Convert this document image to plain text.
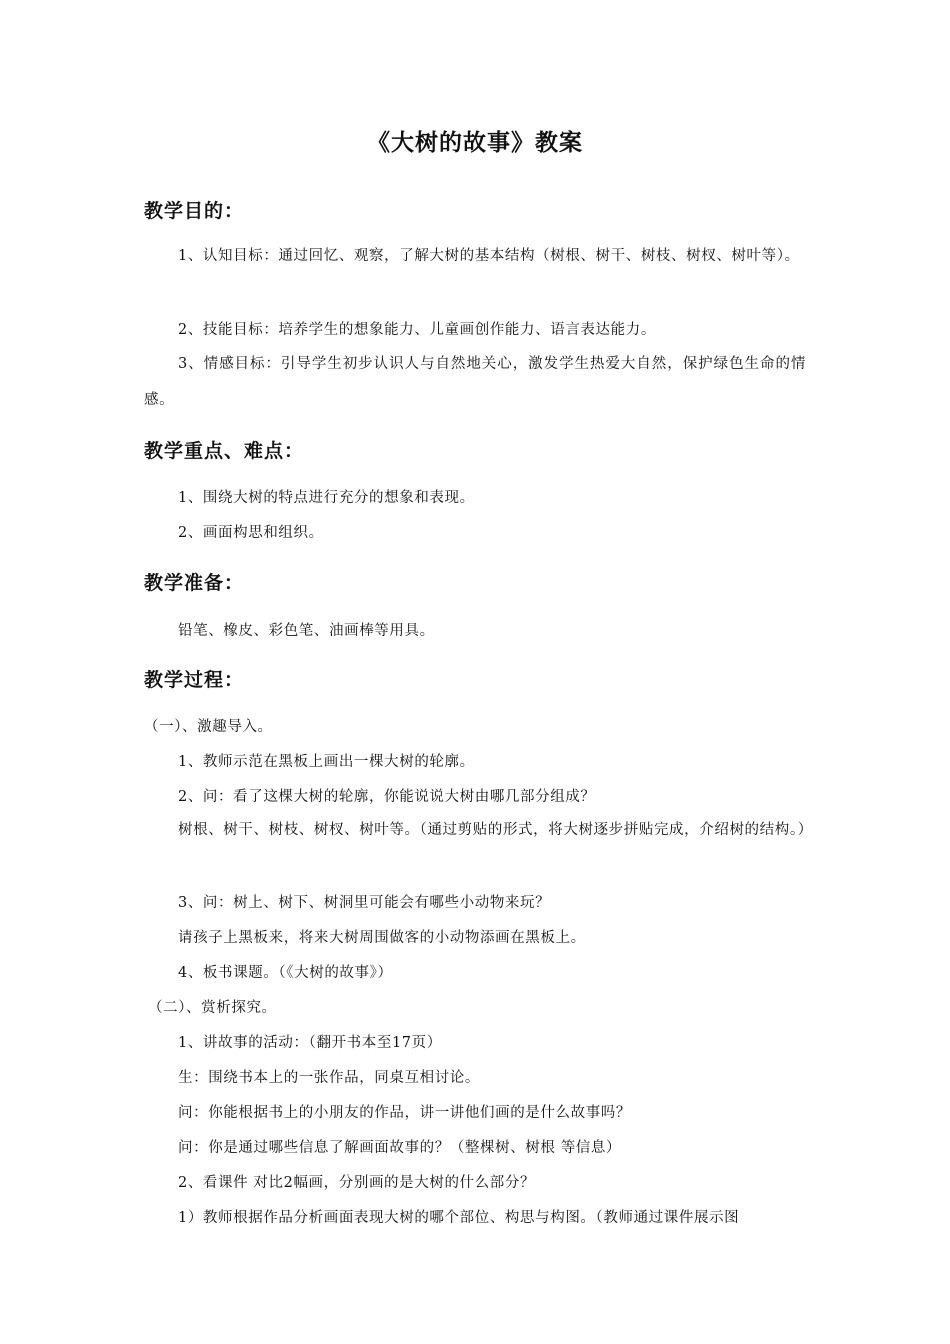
《大树的故事》教案
教学目的：
1、认知目标：通过回忆、观察，了解大树的基本结构（树根、树干、树枝、树杈、树叶等）。
2、技能目标：培养学生的想象能力、儿童画创作能力、语言表达能力。
3、情感目标：引导学生初步认识人与自然地关心，激发学生热爱大自然，保护绿色生命的情感。
教学重点、难点：
1、围绕大树的特点进行充分的想象和表现。
2、画面构思和组织。
教学准备：
铅笔、橡皮、彩色笔、油画棒等用具。
教学过程：
（一）、激趣导入。
1、教师示范在黑板上画出一棵大树的轮廓。
2、问：看了这棵大树的轮廓，你能说说大树由哪几部分组成？
树根、树干、树枝、树杈、树叶等。（通过剪贴的形式，将大树逐步拼贴完成，介绍树的结构。）
3、问：树上、树下、树洞里可能会有哪些小动物来玩？
请孩子上黑板来，将来大树周围做客的小动物添画在黑板上。
4、板书课题。（《大树的故事》）
（二）、赏析探究。
1、讲故事的活动：（翻开书本至17页）
生：围绕书本上的一张作品，同桌互相讨论。
问：你能根据书上的小朋友的作品，讲一讲他们画的是什么故事吗？
问：你是通过哪些信息了解画面故事的？（整棵树、树根 等信息）
2、看课件 对比2幅画，分别画的是大树的什么部分？
1）教师根据作品分析画面表现大树的哪个部位、构思与构图。（教师通过课件展示图
